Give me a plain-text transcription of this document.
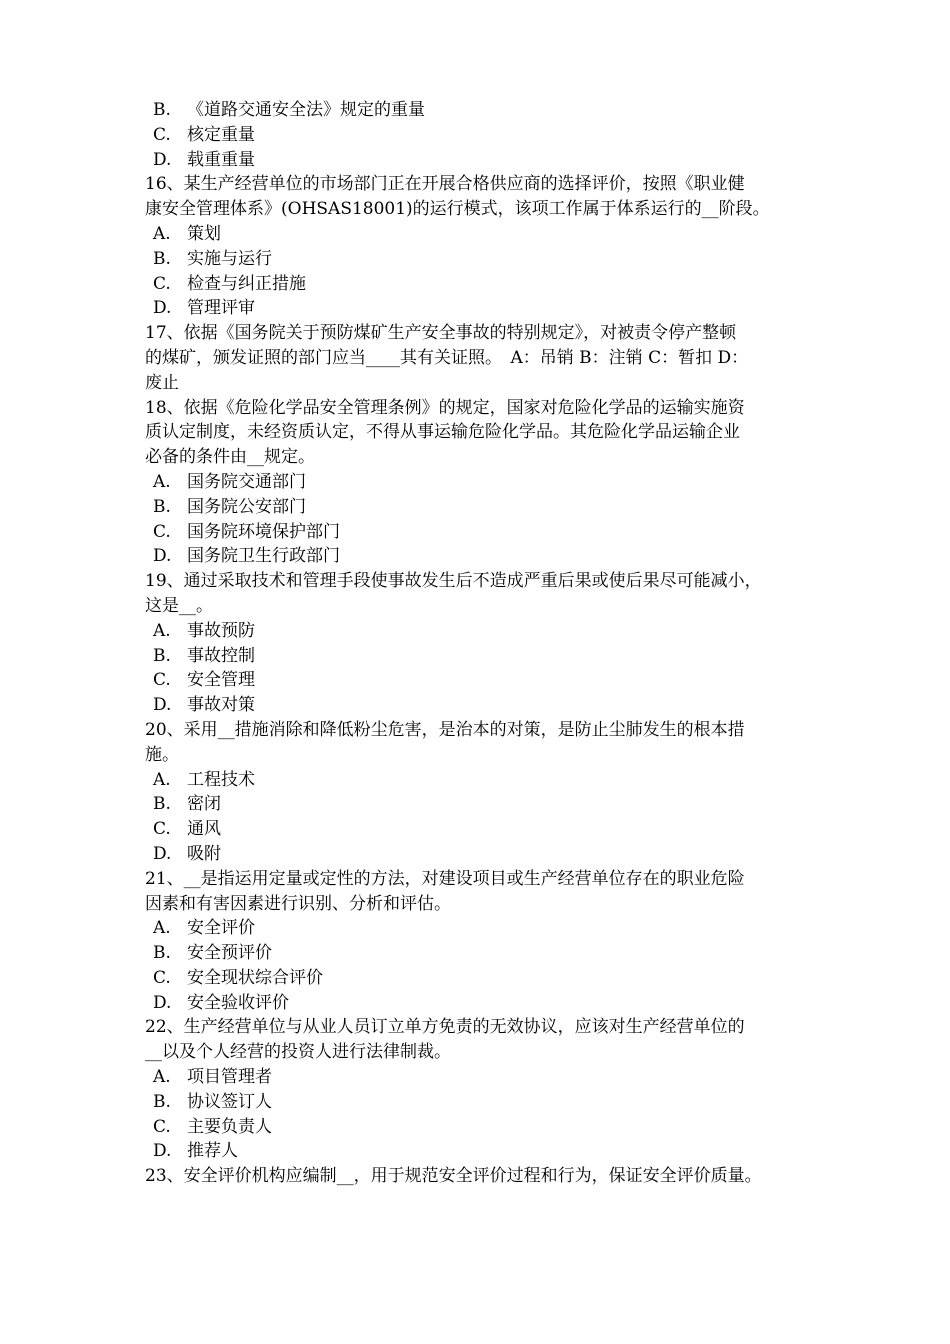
B. 《道路交通安全法》规定的重量
C. 核定重量
D. 载重重量
16、某生产经营单位的市场部门正在开展合格供应商的选择评价，按照《职业健
康安全管理体系》(OHSAS18001)的运行模式，该项工作属于体系运行的__阶段。
A. 策划
B. 实施与运行
C. 检查与纠正措施
D. 管理评审
17、依据《国务院关于预防煤矿生产安全事故的特别规定》，对被责令停产整顿
的煤矿，颁发证照的部门应当____其有关证照。　A：吊销 B：注销 C：暂扣 D：
废止
18、依据《危险化学品安全管理条例》的规定，国家对危险化学品的运输实施资
质认定制度，未经资质认定，不得从事运输危险化学品。其危险化学品运输企业
必备的条件由__规定。
A. 国务院交通部门
B. 国务院公安部门
C. 国务院环境保护部门
D. 国务院卫生行政部门
19、通过采取技术和管理手段使事故发生后不造成严重后果或使后果尽可能减小，
这是__。
A. 事故预防
B. 事故控制
C. 安全管理
D. 事故对策
20、采用__措施消除和降低粉尘危害，是治本的对策，是防止尘肺发生的根本措
施。
A. 工程技术
B. 密闭
C. 通风
D. 吸附
21、__是指运用定量或定性的方法，对建设项目或生产经营单位存在的职业危险
因素和有害因素进行识别、分析和评估。
A. 安全评价
B. 安全预评价
C. 安全现状综合评价
D. 安全验收评价
22、生产经营单位与从业人员订立单方免责的无效协议，应该对生产经营单位的
__以及个人经营的投资人进行法律制裁。
A. 项目管理者
B. 协议签订人
C. 主要负责人
D. 推荐人
23、安全评价机构应编制__，用于规范安全评价过程和行为，保证安全评价质量。
